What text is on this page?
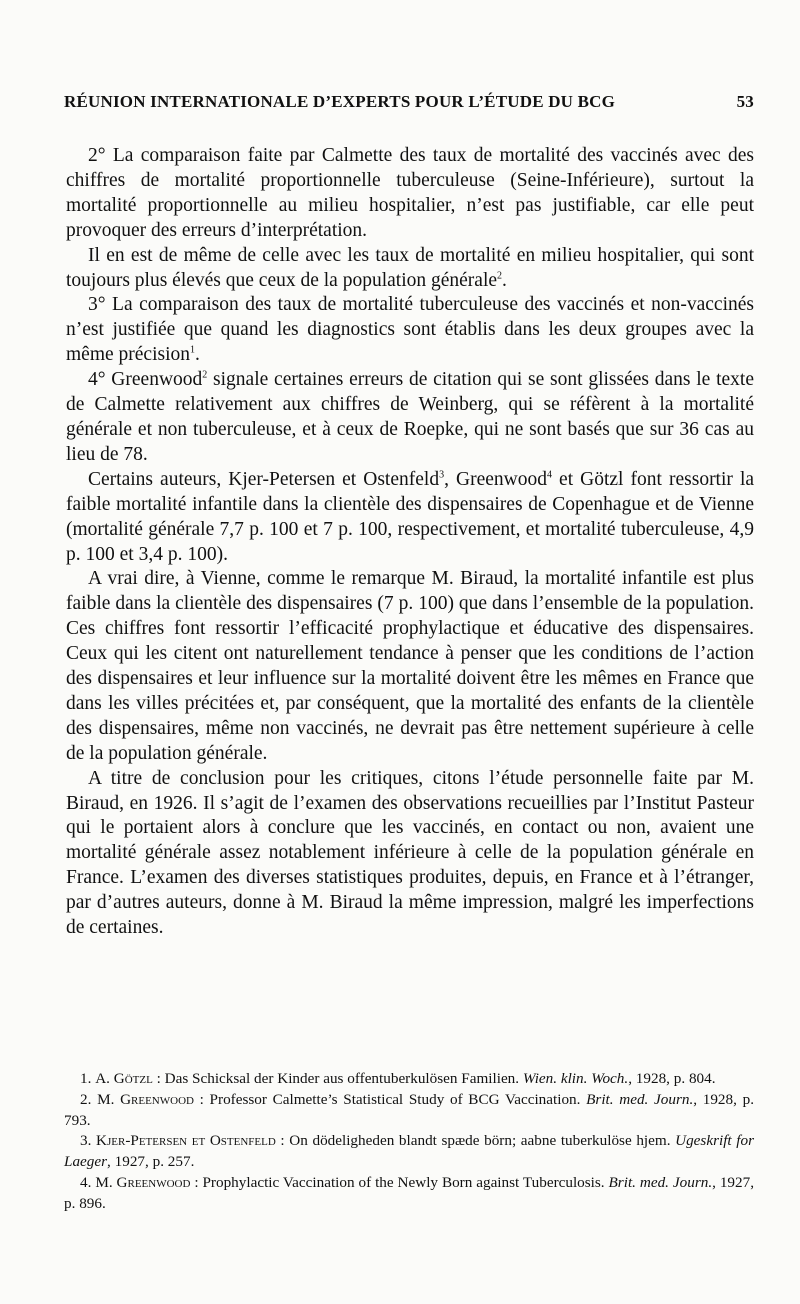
RÉUNION INTERNATIONALE D’EXPERTS POUR L’ÉTUDE DU BCG	53

2° La comparaison faite par Calmette des taux de mortalité des vaccinés avec des chiffres de mortalité proportionnelle tuberculeuse (Seine-Inférieure), surtout la mortalité proportionnelle au milieu hospitalier, n’est pas justifiable, car elle peut provoquer des erreurs d’interprétation.

Il en est de même de celle avec les taux de mortalité en milieu hospitalier, qui sont toujours plus élevés que ceux de la population générale$^2$.

3° La comparaison des taux de mortalité tuberculeuse des vaccinés et non-vaccinés n’est justifiée que quand les diagnostics sont établis dans les deux groupes avec la même précision$^1$.

4° Greenwood$^2$ signale certaines erreurs de citation qui se sont glissées dans le texte de Calmette relativement aux chiffres de Weinberg, qui se réfèrent à la mortalité générale et non tuberculeuse, et à ceux de Roepke, qui ne sont basés que sur 36 cas au lieu de 78.

Certains auteurs, Kjer-Petersen et Ostenfeld$^3$, Greenwood$^4$ et Götzl font ressortir la faible mortalité infantile dans la clientèle des dispensaires de Copenhague et de Vienne (mortalité générale 7,7 p. 100 et 7 p. 100, respectivement, et mortalité tuberculeuse, 4,9 p. 100 et 3,4 p. 100).

A vrai dire, à Vienne, comme le remarque M. Biraud, la mortalité infantile est plus faible dans la clientèle des dispensaires (7 p. 100) que dans l’ensemble de la population. Ces chiffres font ressortir l’efficacité prophylactique et éducative des dispensaires. Ceux qui les citent ont naturellement tendance à penser que les conditions de l’action des dispensaires et leur influence sur la mortalité doivent être les mêmes en France que dans les villes précitées et, par conséquent, que la mortalité des enfants de la clientèle des dispensaires, même non vaccinés, ne devrait pas être nettement supérieure à celle de la population générale.

A titre de conclusion pour les critiques, citons l’étude personnelle faite par M. Biraud, en 1926. Il s’agit de l’examen des observations recueillies par l’Institut Pasteur qui le portaient alors à conclure que les vaccinés, en contact ou non, avaient une mortalité générale assez notablement inférieure à celle de la population générale en France. L’examen des diverses statistiques produites, depuis, en France et à l’étranger, par d’autres auteurs, donne à M. Biraud la même impression, malgré les imperfections de certaines.

1. A. Götzl : Das Schicksal der Kinder aus offentuberkulösen Familien. Wien. klin. Woch., 1928, p. 804.

2. M. Greenwood : Professor Calmette’s Statistical Study of BCG Vaccination. Brit. med. Journ., 1928, p. 793.

3. Kjer-Petersen et Ostenfeld : On dödeligheden blandt spæde börn; aabne tuberkulöse hjem. Ugeskrift for Laeger, 1927, p. 257.

4. M. Greenwood : Prophylactic Vaccination of the Newly Born against Tuberculosis. Brit. med. Journ., 1927, p. 896.
